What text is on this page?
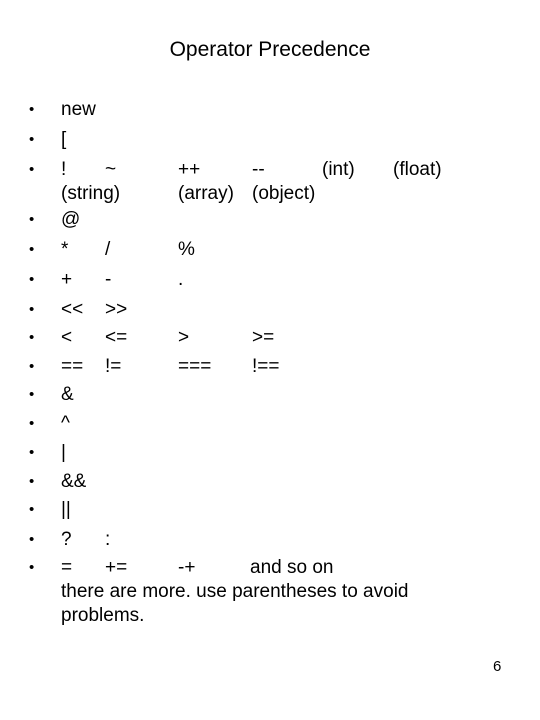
Operator Precedence
• new
• [
• ! ~	++	--	(int) (float)
(string)	(array) (object)
• @
• * /	%
• + -	.
• << >>
• < <=	>	>=
• == !=	=== !==
• &
• ^
• |
• &&
• ||
• ? :
• = +=	-+	and so on
there are more. use parentheses to avoid
problems.
6
